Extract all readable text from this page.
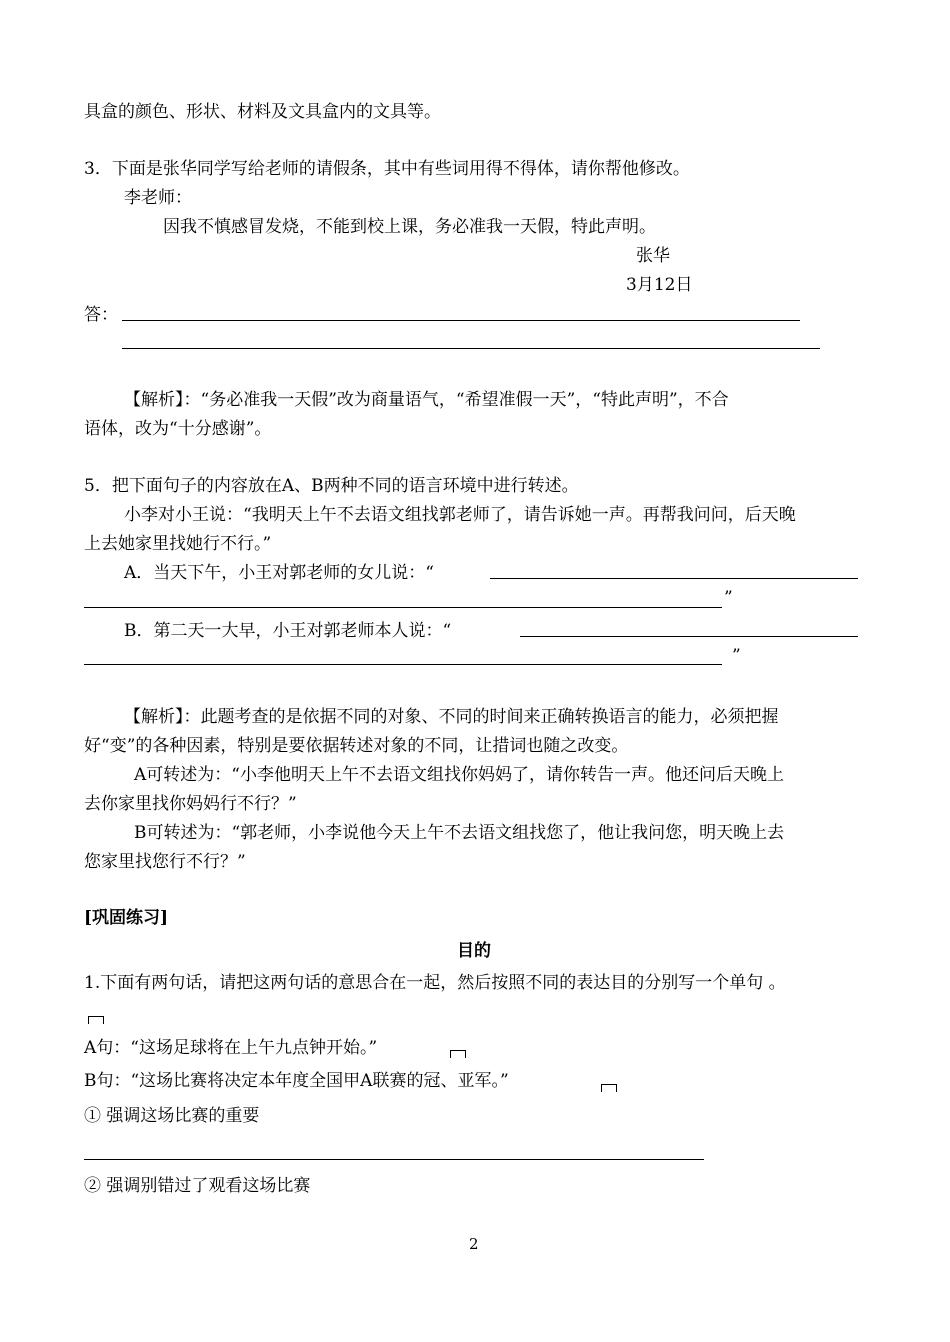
具盒的颜色、形状、材料及文具盒内的文具等。
3．下面是张华同学写给老师的请假条，其中有些词用得不得体，请你帮他修改。
李老师：
因我不慎感冒发烧，不能到校上课，务必准我一天假，特此声明。
张华
3月12日
答：
【解析】：“务必准我一天假”改为商量语气，“希望准假一天”，“特此声明”，不合
语体，改为“十分感谢”。
5．把下面句子的内容放在A、B两种不同的语言环境中进行转述。
小李对小王说：“我明天上午不去语文组找郭老师了，请告诉她一声。再帮我问问，后天晚
上去她家里找她行不行。”
A．当天下午，小王对郭老师的女儿说：“
”
B．第二天一大早，小王对郭老师本人说：“
”
【解析】：此题考查的是依据不同的对象、不同的时间来正确转换语言的能力，必须把握
好“变”的各种因素，特别是要依据转述对象的不同，让措词也随之改变。
A可转述为：“小李他明天上午不去语文组找你妈妈了，请你转告一声。他还问后天晚上
去你家里找你妈妈行不行？”
B可转述为：“郭老师，小李说他今天上午不去语文组找您了，他让我问您，明天晚上去
您家里找您行不行？”
[巩固练习]
目的
1.下面有两句话，请把这两句话的意思合在一起，然后按照不同的表达目的分别写一个单句 。
A句：“这场足球将在上午九点钟开始。”
B句：“这场比赛将决定本年度全国甲A联赛的冠、亚军。”
① 强调这场比赛的重要
② 强调别错过了观看这场比赛
2
